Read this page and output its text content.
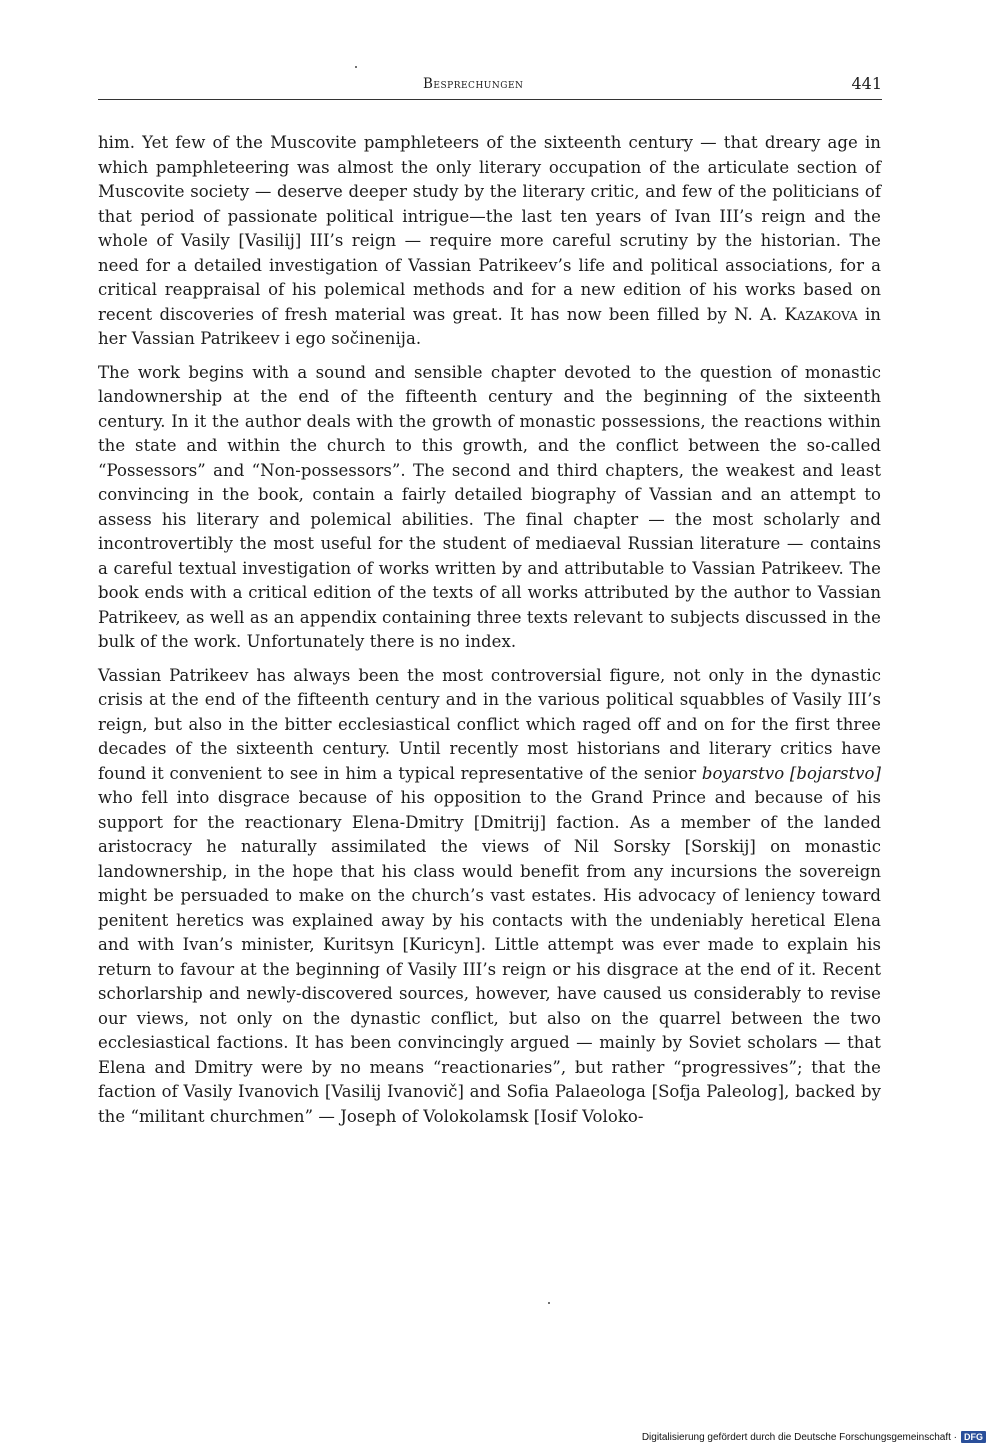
Besprechungen	441

him. Yet few of the Muscovite pamphleteers of the sixteenth century — that dreary age in which pamphleteering was almost the only literary occupation of the articulate section of Muscovite society — deserve deeper study by the literary critic, and few of the politicians of that period of passionate political intrigue—the last ten years of Ivan III’s reign and the whole of Vasily [Vasilij] III’s reign — require more careful scrutiny by the historian. The need for a detailed investigation of Vassian Patrikeev’s life and political associations, for a critical reappraisal of his polemical methods and for a new edition of his works based on recent discoveries of fresh material was great. It has now been filled by N. A. Kazakova in her Vassian Patrikeev i ego sočinenija.

The work begins with a sound and sensible chapter devoted to the question of monastic landownership at the end of the fifteenth century and the beginning of the sixteenth century. In it the author deals with the growth of monastic possessions, the reactions within the state and within the church to this growth, and the conflict between the so-called “Possessors” and “Non-possessors”. The second and third chapters, the weakest and least convincing in the book, contain a fairly detailed biography of Vassian and an attempt to assess his literary and polemical abilities. The final chapter — the most scholarly and incontrovertibly the most useful for the student of mediaeval Russian literature — contains a careful textual investigation of works written by and attributable to Vassian Patrikeev. The book ends with a critical edition of the texts of all works attributed by the author to Vassian Patrikeev, as well as an appendix containing three texts relevant to subjects discussed in the bulk of the work. Unfortunately there is no index.

Vassian Patrikeev has always been the most controversial figure, not only in the dynastic crisis at the end of the fifteenth century and in the various political squabbles of Vasily III’s reign, but also in the bitter ecclesiastical conflict which raged off and on for the first three decades of the sixteenth century. Until recently most historians and literary critics have found it convenient to see in him a typical representative of the senior boyarstvo [bojarstvo] who fell into disgrace because of his opposition to the Grand Prince and because of his support for the reactionary Elena-Dmitry [Dmitrij] faction. As a member of the landed aristocracy he naturally assimilated the views of Nil Sorsky [Sorskij] on monastic landownership, in the hope that his class would benefit from any incursions the sovereign might be persuaded to make on the church’s vast estates. His advocacy of leniency toward penitent heretics was explained away by his contacts with the undeniably heretical Elena and with Ivan’s minister, Kuritsyn [Kuricyn]. Little attempt was ever made to explain his return to favour at the beginning of Vasily III’s reign or his disgrace at the end of it. Recent schorlarship and newly-discovered sources, however, have caused us considerably to revise our views, not only on the dynastic conflict, but also on the quarrel between the two ecclesiastical factions. It has been convincingly argued — mainly by Soviet scholars — that Elena and Dmitry were by no means “reactionaries”, but rather “progressives”; that the faction of Vasily Ivanovich [Vasilij Ivanovič] and Sofia Palaeologa [Sofja Paleolog], backed by the “militant churchmen” — Joseph of Volokolamsk [Iosif Voloko-

Digitalisierung gefördert durch die Deutsche Forschungsgemeinschaft · DFG
